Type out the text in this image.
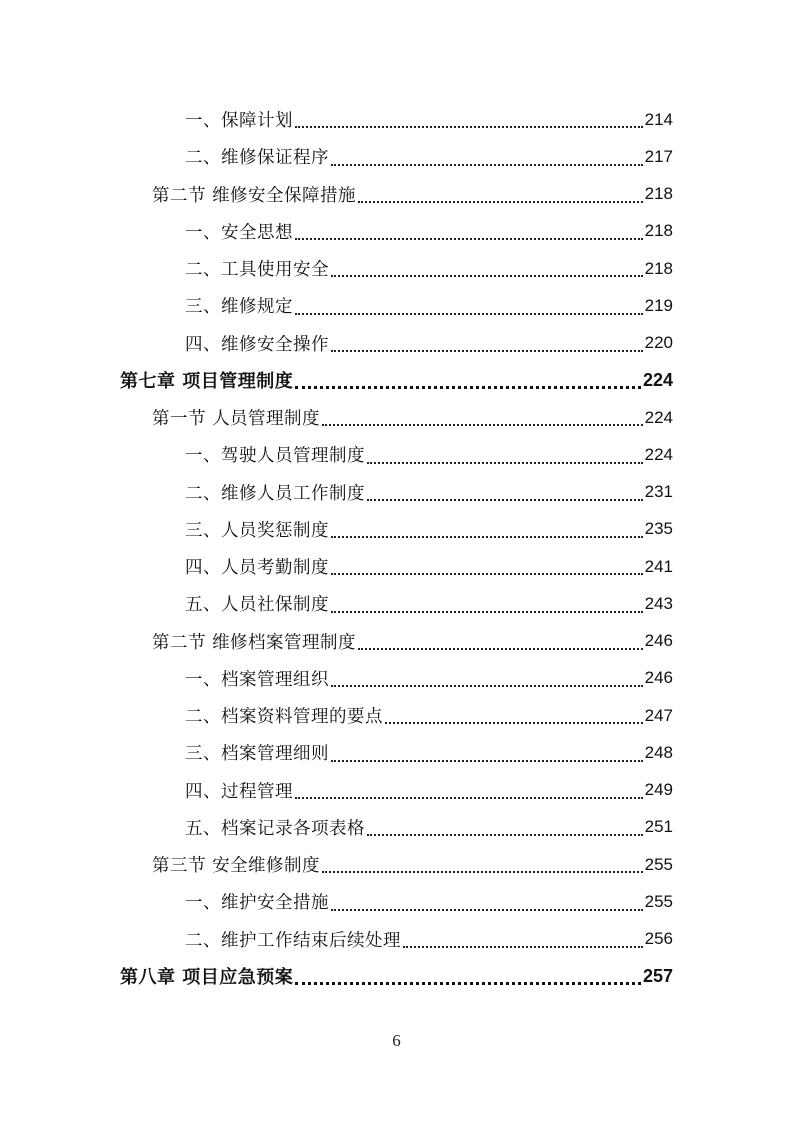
一、保障计划	214
二、维修保证程序	217
第二节 维修安全保障措施	218
一、安全思想	218
二、工具使用安全	218
三、维修规定	219
四、维修安全操作	220
第七章 项目管理制度	224
第一节 人员管理制度	224
一、驾驶人员管理制度	224
二、维修人员工作制度	231
三、人员奖惩制度	235
四、人员考勤制度	241
五、人员社保制度	243
第二节 维修档案管理制度	246
一、档案管理组织	246
二、档案资料管理的要点	247
三、档案管理细则	248
四、过程管理	249
五、档案记录各项表格	251
第三节 安全维修制度	255
一、维护安全措施	255
二、维护工作结束后续处理	256
第八章 项目应急预案	257
6
